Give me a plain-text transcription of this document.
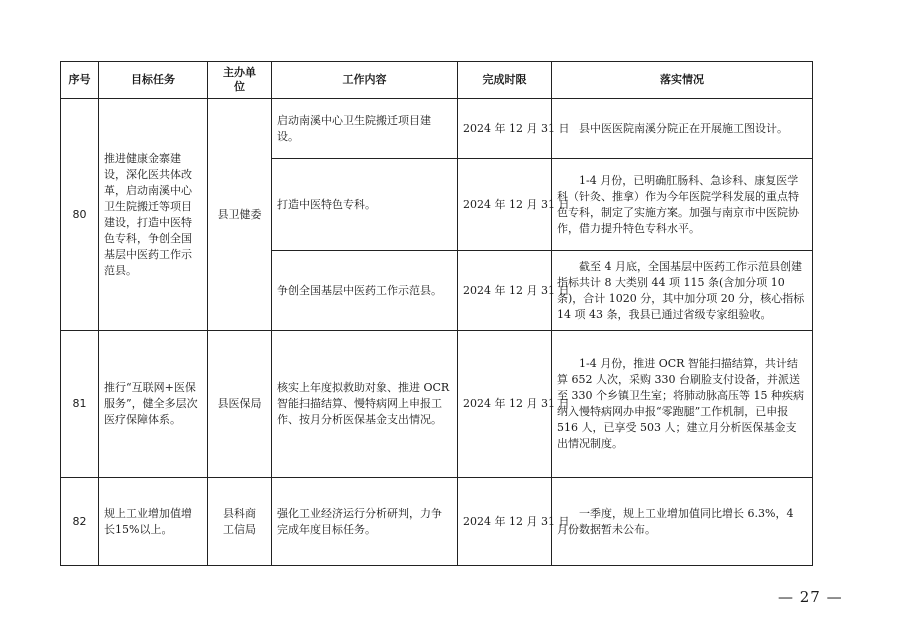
序号	目标任务	主办单位	工作内容	完成时限	落实情况
80	推进健康金寨建设，深化医共体改革，启动南溪中心卫生院搬迁等项目建设，打造中医特色专科，争创全国基层中医药工作示范县。	县卫健委	启动南溪中心卫生院搬迁项目建设。	2024 年 12 月 31 日	县中医医院南溪分院正在开展施工图设计。
			打造中医特色专科。	2024 年 12 月 31 日	1-4 月份，已明确肛肠科、急诊科、康复医学科（针灸、推拿）作为今年医院学科发展的重点特色专科，制定了实施方案。加强与南京市中医院协作，借力提升特色专科水平。
			争创全国基层中医药工作示范县。	2024 年 12 月 31 日	截至 4 月底，全国基层中医药工作示范县创建指标共计 8 大类别 44 项 115 条(含加分项 10 条)，合计 1020 分，其中加分项 20 分，核心指标 14 项 43 条，我县已通过省级专家组验收。
81	推行“互联网+医保服务”，健全多层次医疗保障体系。	县医保局	核实上年度拟救助对象、推进 OCR 智能扫描结算、慢特病网上申报工作、按月分析医保基金支出情况。	2024 年 12 月 31 日	1-4 月份，推进 OCR 智能扫描结算，共计结算 652 人次，采购 330 台刷脸支付设备，并派送至 330 个乡镇卫生室；将肺动脉高压等 15 种疾病纳入慢特病网办申报“零跑腿”工作机制，已申报 516 人，已享受 503 人；建立月分析医保基金支出情况制度。
82	规上工业增加值增长15%以上。	县科商工信局	强化工业经济运行分析研判，力争完成年度目标任务。	2024 年 12 月 31 日	一季度，规上工业增加值同比增长 6.3%，4 月份数据暂未公布。
— 27 —
